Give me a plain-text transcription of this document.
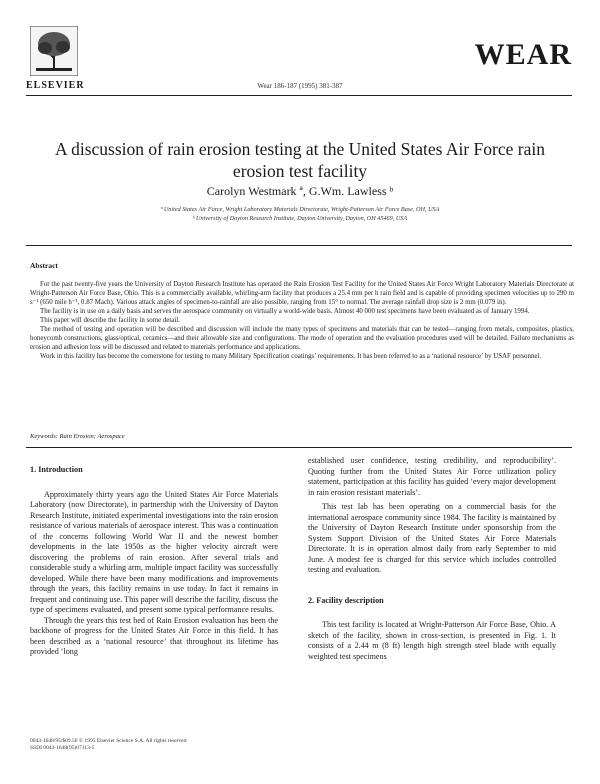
ELSEVIER	Wear 186-187 (1995) 381-387
WEAR
A discussion of rain erosion testing at the United States Air Force rain
erosion test facility
Carolyn Westmark ª, G.Wm. Lawless ᵇ
ª United States Air Force, Wright Laboratory Materials Directorate, Wright-Patterson Air Force Base, OH, USA
ᵇ University of Dayton Research Institute, Dayton University, Dayton, OH 45469, USA
Abstract

For the past twenty-five years the University of Dayton Research Institute has operated the Rain Erosion Test Facility for the United States Air Force Wright Laboratory Materials Directorate at Wright-Patterson Air Force Base, Ohio. This is a commercially available, whirling-arm facility that produces a 25.4 mm per h rain field and is capable of providing specimen velocities up to 290 m s⁻¹ (650 mile h⁻¹, 0.87 Mach). Various attack angles of specimen-to-rainfall are also possible, ranging from 15° to normal. The average rainfall drop size is 2 mm (0.079 in).

The facility is in use on a daily basis and serves the aerospace community on virtually a world-wide basis. Almost 40 000 test specimens have been evaluated as of January 1994.

This paper will describe the facility in some detail.

The method of testing and operation will be described and discussion will include the many types of specimens and materials that can be tested—ranging from metals, composites, plastics, honeycomb constructions, glass/optical, ceramics—and their allowable size and configurations. The mode of operation and the evaluation procedures used will be detailed. Failure mechanisms as erosion and adhesion loss will be discussed and related to materials performance and applications.

Work in this facility has become the cornerstone for testing to many Military Specification coatings’ requirements. It has been referred to as a ‘national resource’ by USAF personnel.

Keywords: Rain Erosion; Aerospace
1. Introduction

Approximately thirty years ago the United States Air Force Materials Laboratory (now Directorate), in partnership with the University of Dayton Research Institute, initiated experimental investigations into the rain erosion resistance of various materials of aerospace interest. This was a continuation of the concerns following World War II and the newest bomber developments in the late 1950s as the higher velocity aircraft were discovering the problems of rain erosion. After several trials and considerable study a whirling arm, multiple impact facility was successfully developed. While there have been many modifications and improvements through the years, this facility remains in use today. In fact it remains in frequent and continuing use. This paper will describe the facility, discuss the type of specimens evaluated, and present some typical performance results.

Through the years this test bed of Rain Erosion evaluation has been the backbone of progress for the United States Air Force in this field. It has been described as a ‘national resource’ that throughout its lifetime has provided ‘long

established user confidence, testing credibility, and reproducibility’. Quoting further from the United States Air Force utilization policy statement, participation at this facility has guided ‘every major development in rain erosion resistant materials’.

This test lab has been operating on a commercial basis for the international aerospace community since 1984. The facility is maintained by the University of Dayton Research Institute under sponsorship from the System Support Division of the United States Air Force Materials Directorate. It is in operation almost daily from early September to mid June. A modest fee is charged for this service which includes controlled testing and evaluation.

2. Facility description

This test facility is located at Wright-Patterson Air Force Base, Ohio. A sketch of the facility, shown in cross-section, is presented in Fig. 1. It consists of a 2.44 m (8 ft) length high strength steel blade with equally weighted test specimens

0043-1648/95/$09.50 © 1995 Elsevier Science S.A. All rights reserved
SSDI 0043-1648(95)07113-5
